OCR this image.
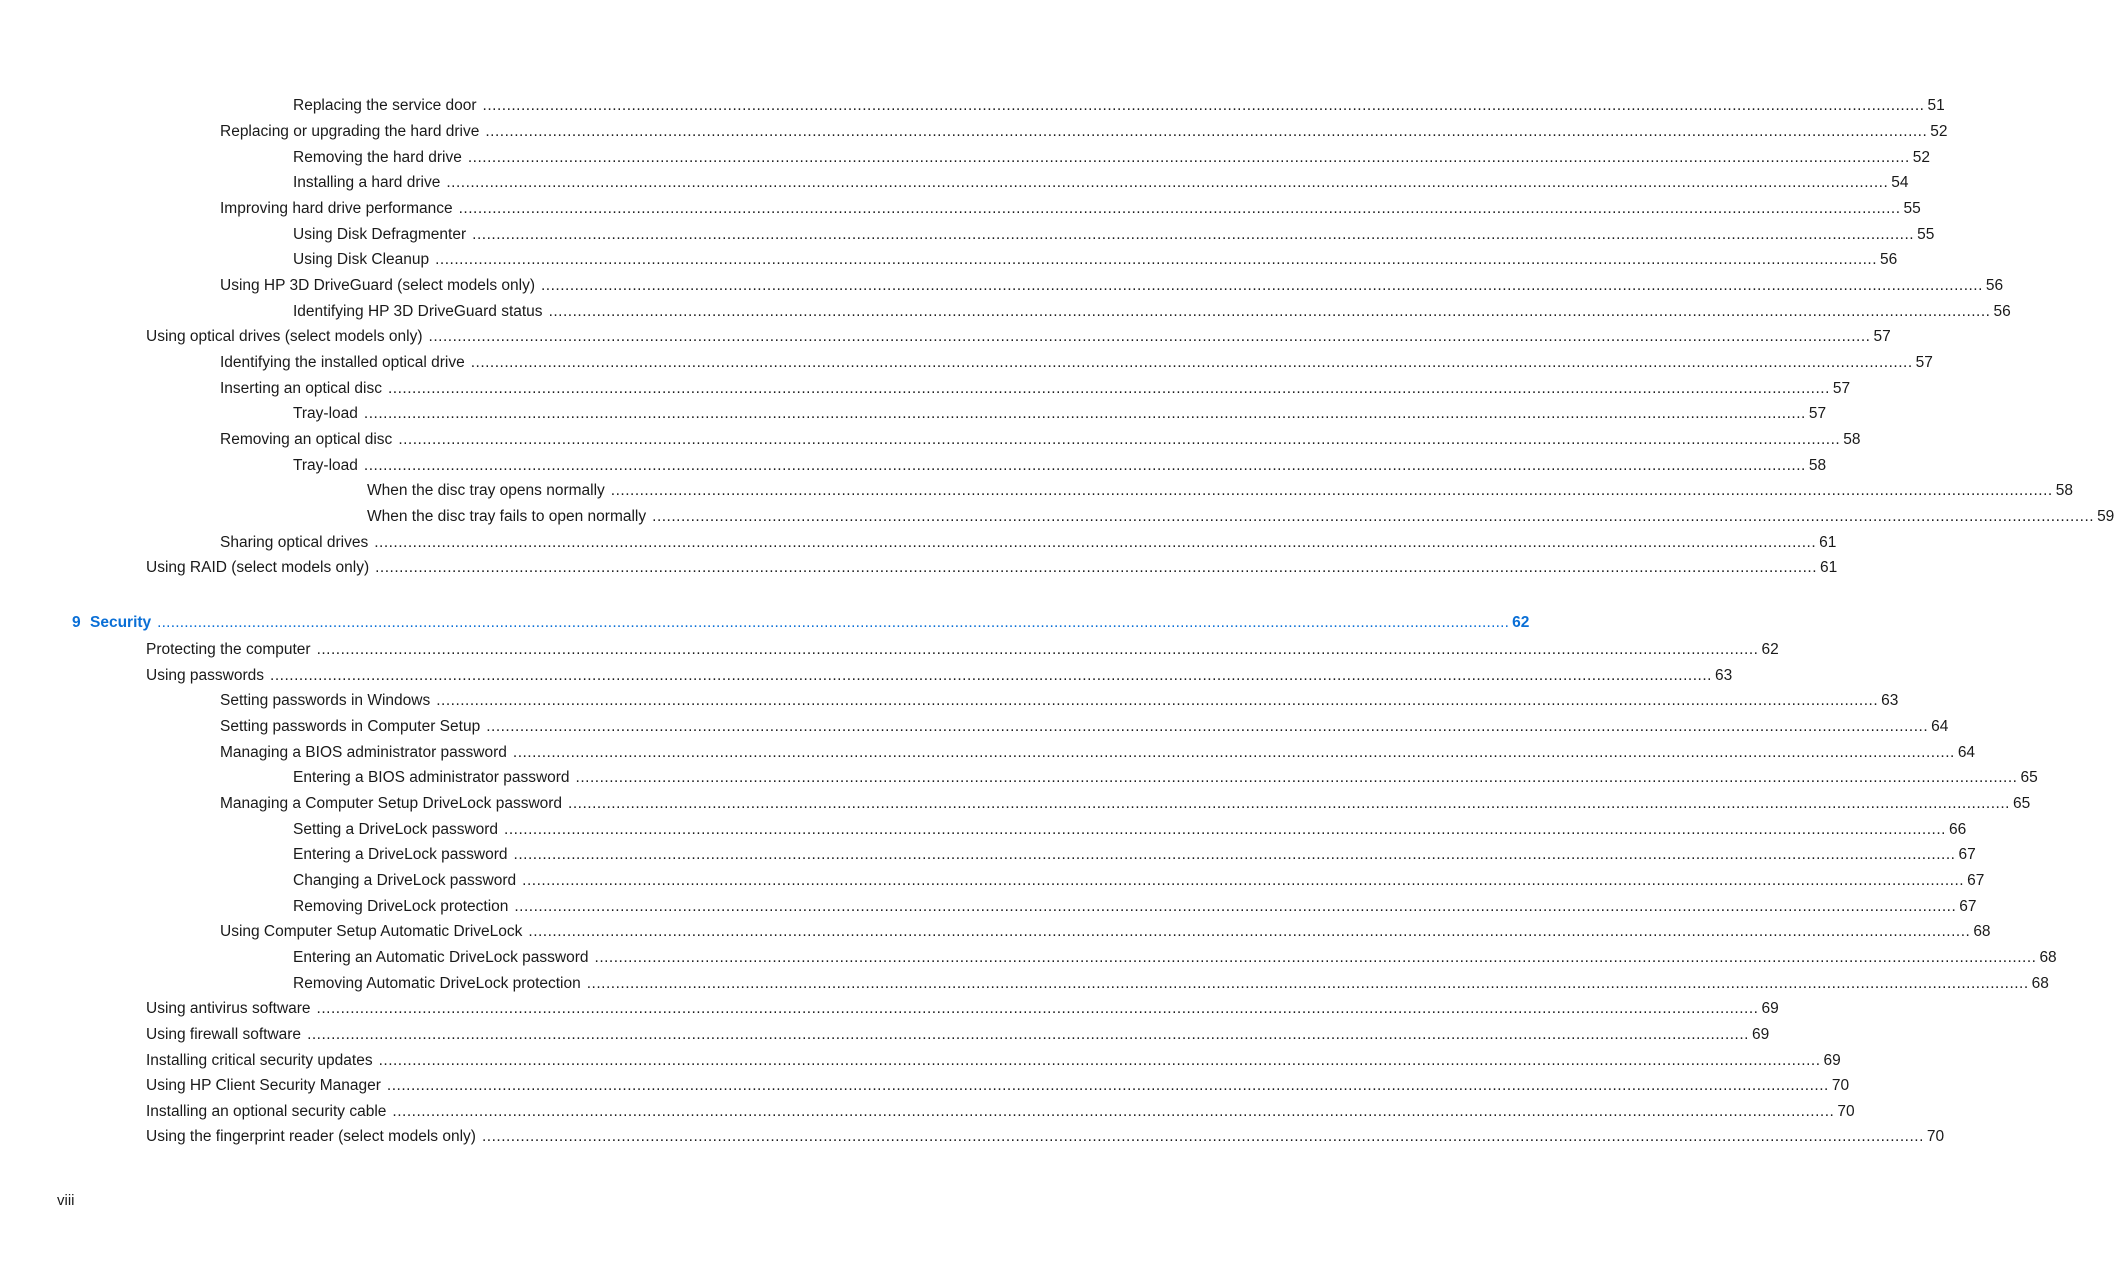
Replacing the service door ............................................................................................................................................................................................................................................................................................................ 51
Replacing or upgrading the hard drive ............................................................................................................................................................................................................................................................................................................ 52
Removing the hard drive ............................................................................................................................................................................................................................................................................................................ 52
Installing a hard drive ............................................................................................................................................................................................................................................................................................................ 54
Improving hard drive performance ............................................................................................................................................................................................................................................................................................................ 55
Using Disk Defragmenter ............................................................................................................................................................................................................................................................................................................ 55
Using Disk Cleanup ............................................................................................................................................................................................................................................................................................................ 56
Using HP 3D DriveGuard (select models only) ............................................................................................................................................................................................................................................................................................................ 56
Identifying HP 3D DriveGuard status ............................................................................................................................................................................................................................................................................................................ 56
Using optical drives (select models only) ............................................................................................................................................................................................................................................................................................................ 57
Identifying the installed optical drive ............................................................................................................................................................................................................................................................................................................ 57
Inserting an optical disc ............................................................................................................................................................................................................................................................................................................ 57
Tray-load ............................................................................................................................................................................................................................................................................................................ 57
Removing an optical disc ............................................................................................................................................................................................................................................................................................................ 58
Tray-load ............................................................................................................................................................................................................................................................................................................ 58
When the disc tray opens normally ............................................................................................................................................................................................................................................................................................................ 58
When the disc tray fails to open normally ............................................................................................................................................................................................................................................................................................................ 59
Sharing optical drives ............................................................................................................................................................................................................................................................................................................ 61
Using RAID (select models only) ............................................................................................................................................................................................................................................................................................................ 61
9 Security ............................................................................................................................................................................................................................................................................................................ 62
Protecting the computer ............................................................................................................................................................................................................................................................................................................ 62
Using passwords ............................................................................................................................................................................................................................................................................................................ 63
Setting passwords in Windows ............................................................................................................................................................................................................................................................................................................ 63
Setting passwords in Computer Setup ............................................................................................................................................................................................................................................................................................................ 64
Managing a BIOS administrator password ............................................................................................................................................................................................................................................................................................................ 64
Entering a BIOS administrator password ............................................................................................................................................................................................................................................................................................................ 65
Managing a Computer Setup DriveLock password ............................................................................................................................................................................................................................................................................................................ 65
Setting a DriveLock password ............................................................................................................................................................................................................................................................................................................ 66
Entering a DriveLock password ............................................................................................................................................................................................................................................................................................................ 67
Changing a DriveLock password ............................................................................................................................................................................................................................................................................................................ 67
Removing DriveLock protection ............................................................................................................................................................................................................................................................................................................ 67
Using Computer Setup Automatic DriveLock ............................................................................................................................................................................................................................................................................................................ 68
Entering an Automatic DriveLock password ............................................................................................................................................................................................................................................................................................................ 68
Removing Automatic DriveLock protection ............................................................................................................................................................................................................................................................................................................ 68
Using antivirus software ............................................................................................................................................................................................................................................................................................................ 69
Using firewall software ............................................................................................................................................................................................................................................................................................................ 69
Installing critical security updates ............................................................................................................................................................................................................................................................................................................ 69
Using HP Client Security Manager ............................................................................................................................................................................................................................................................................................................ 70
Installing an optional security cable ............................................................................................................................................................................................................................................................................................................ 70
Using the fingerprint reader (select models only) ............................................................................................................................................................................................................................................................................................................ 70
viii
